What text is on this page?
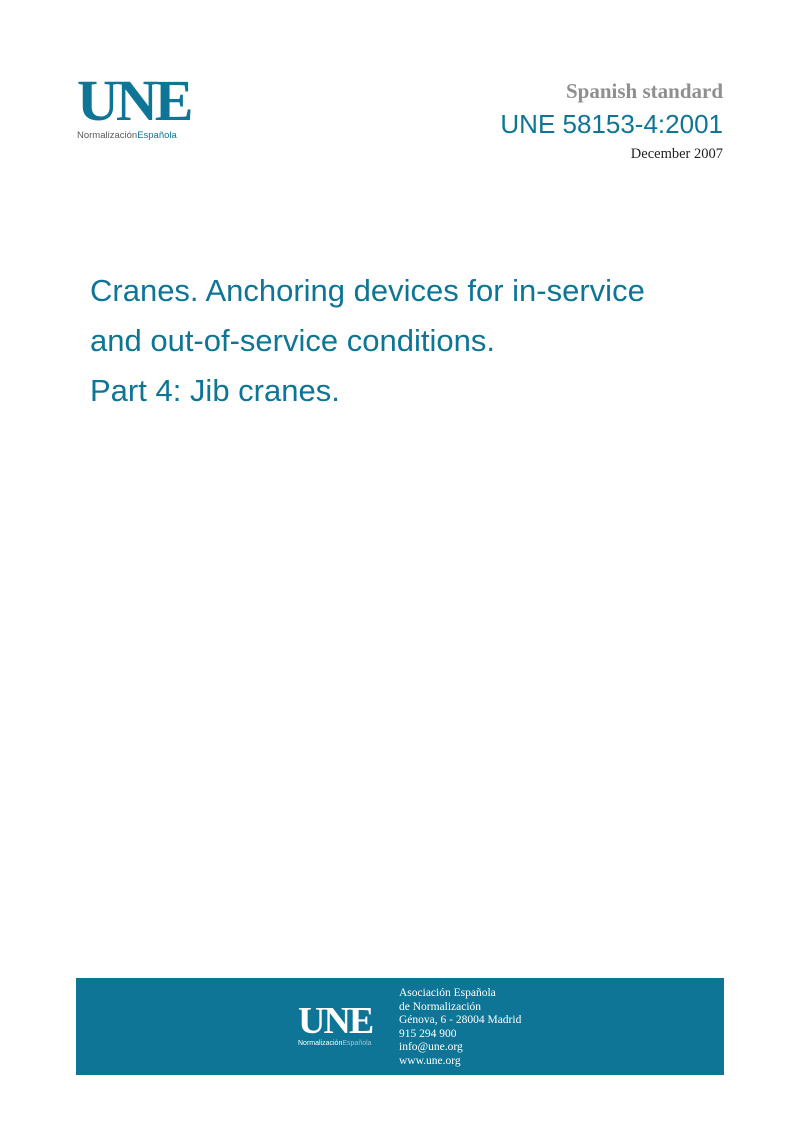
UNE
NormalizaciónEspañola
Spanish standard
UNE 58153-4:2001
December 2007
Cranes. Anchoring devices for in-service
and out-of-service conditions.
Part 4: Jib cranes.
UNE
NormalizaciónEspañola
Asociación Española
de Normalización
Génova, 6 - 28004 Madrid
915 294 900
info@une.org
www.une.org
